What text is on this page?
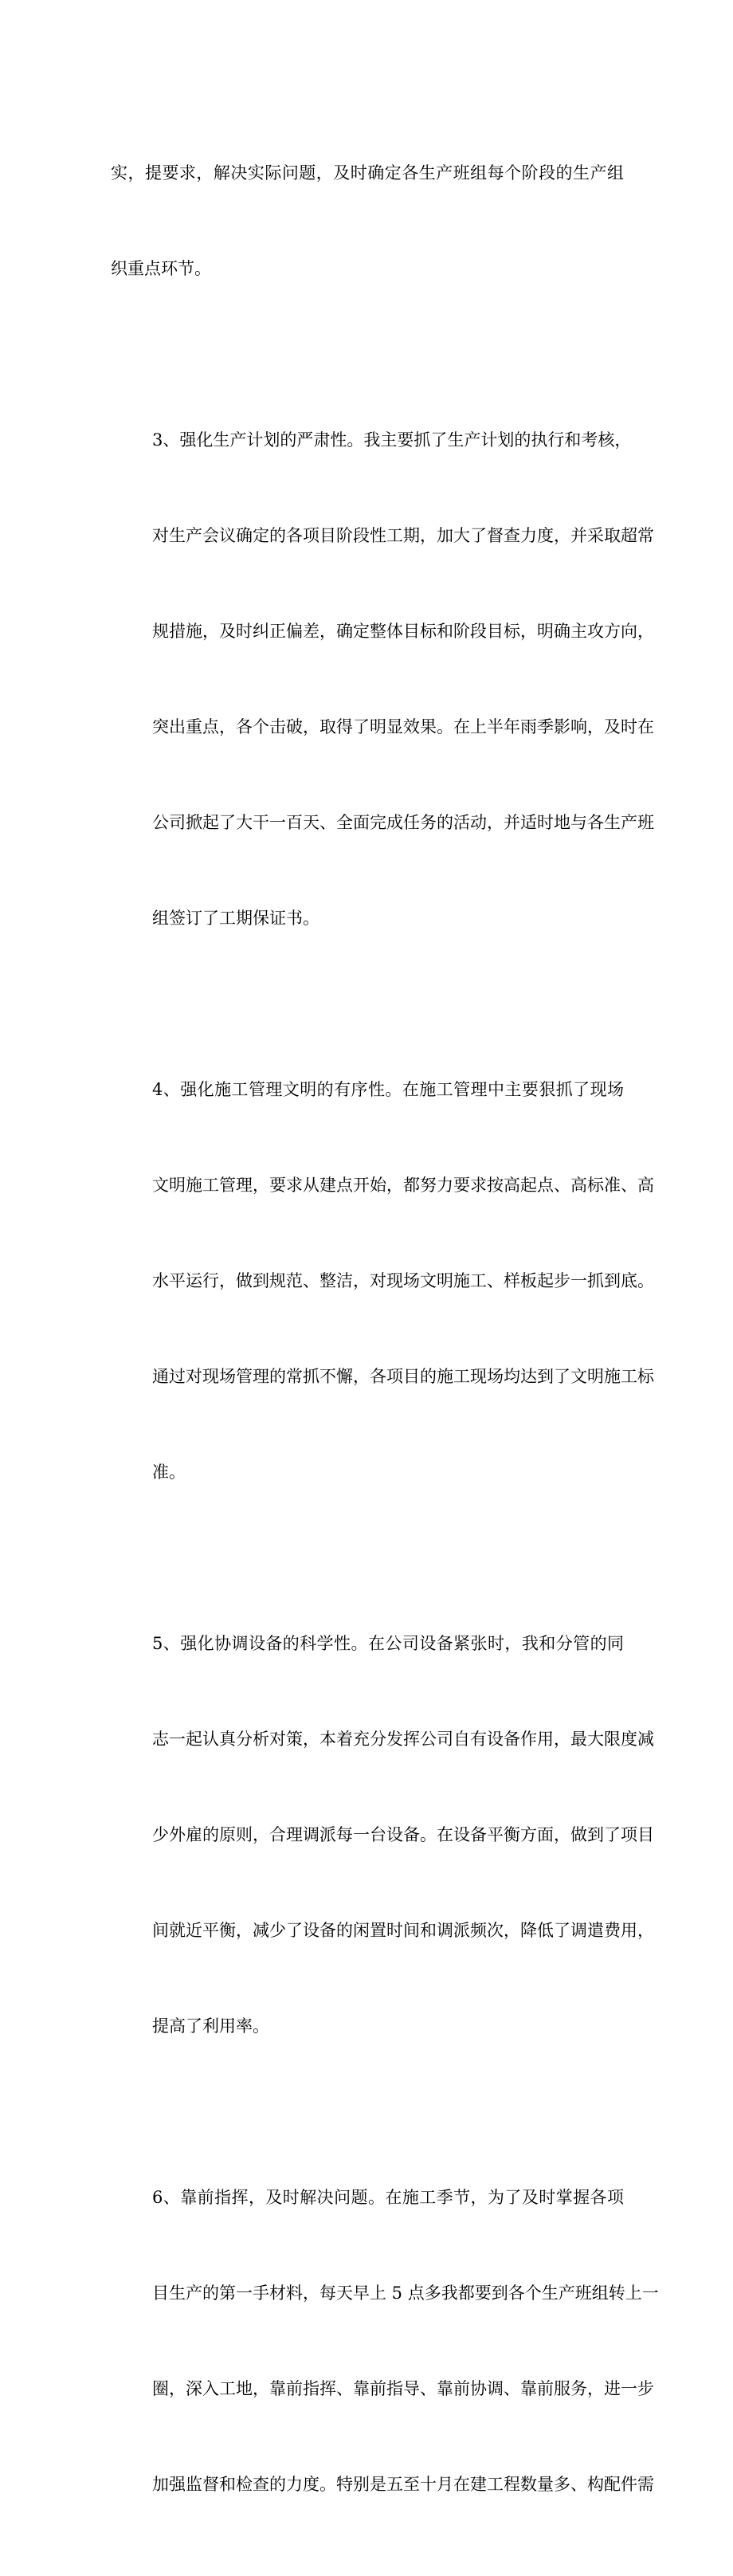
实，提要求，解决实际问题，及时确定各生产班组每个阶段的生产组

织重点环节。

3、强化生产计划的严肃性。我主要抓了生产计划的执行和考核，

对生产会议确定的各项目阶段性工期，加大了督查力度，并采取超常

规措施，及时纠正偏差，确定整体目标和阶段目标，明确主攻方向，

突出重点，各个击破，取得了明显效果。在上半年雨季影响，及时在

公司掀起了大干一百天、全面完成任务的活动，并适时地与各生产班

组签订了工期保证书。

4、强化施工管理文明的有序性。在施工管理中主要狠抓了现场

文明施工管理，要求从建点开始，都努力要求按高起点、高标准、高

水平运行，做到规范、整洁，对现场文明施工、样板起步一抓到底。

通过对现场管理的常抓不懈，各项目的施工现场均达到了文明施工标

准。

5、强化协调设备的科学性。在公司设备紧张时，我和分管的同

志一起认真分析对策，本着充分发挥公司自有设备作用，最大限度减

少外雇的原则，合理调派每一台设备。在设备平衡方面，做到了项目

间就近平衡，减少了设备的闲置时间和调派频次，降低了调遣费用，

提高了利用率。

6、靠前指挥，及时解决问题。在施工季节，为了及时掌握各项

目生产的第一手材料，每天早上 5 点多我都要到各个生产班组转上一

圈，深入工地，靠前指挥、靠前指导、靠前协调、靠前服务，进一步

加强监督和检查的力度。特别是五至十月在建工程数量多、构配件需
